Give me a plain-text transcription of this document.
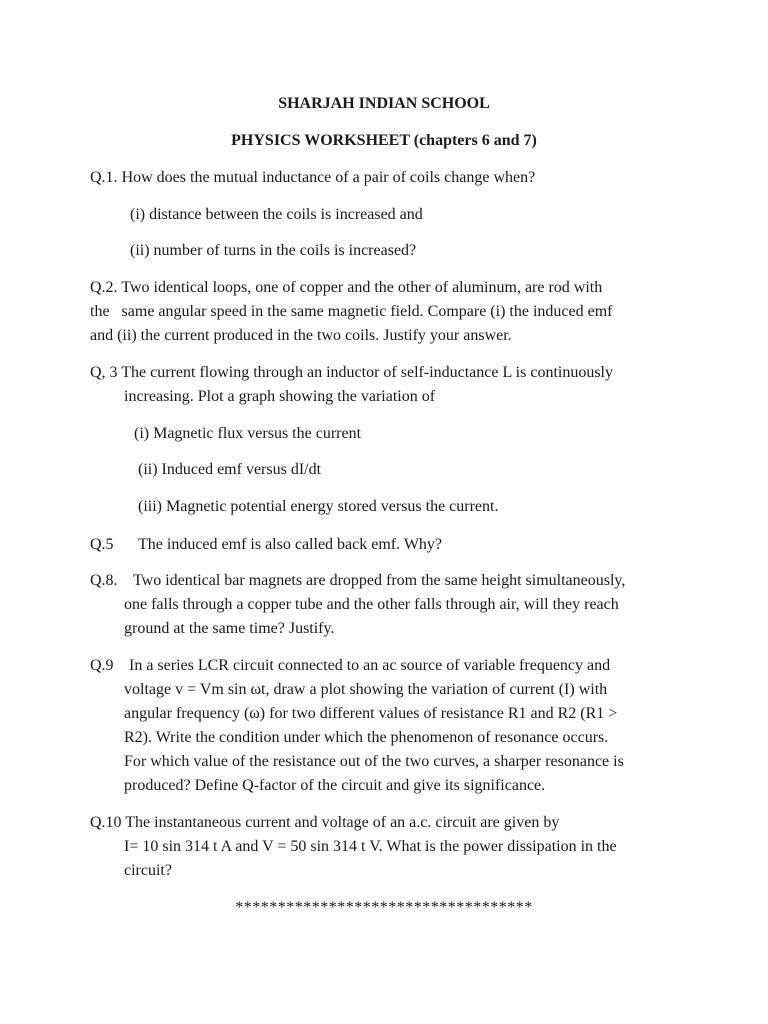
SHARJAH INDIAN SCHOOL
PHYSICS WORKSHEET (chapters 6 and 7)
Q.1. How does the mutual inductance of a pair of coils change when?
(i) distance between the coils is increased and
(ii) number of turns in the coils is increased?
Q.2. Two identical loops, one of copper and the other of aluminum, are rod with
the   same angular speed in the same magnetic field. Compare (i) the induced emf
and (ii) the current produced in the two coils. Justify your answer.
Q, 3 The current flowing through an inductor of self-inductance L is continuously
increasing. Plot a graph showing the variation of
(i) Magnetic flux versus the current
(ii) Induced emf versus dI/dt
(iii) Magnetic potential energy stored versus the current.
Q.5 The induced emf is also called back emf. Why?
Q.8. Two identical bar magnets are dropped from the same height simultaneously,
one falls through a copper tube and the other falls through air, will they reach
ground at the same time? Justify.
Q.9 In a series LCR circuit connected to an ac source of variable frequency and
voltage v = Vm sin ωt, draw a plot showing the variation of current (I) with
angular frequency (ω) for two different values of resistance R1 and R2 (R1 >
R2). Write the condition under which the phenomenon of resonance occurs.
For which value of the resistance out of the two curves, a sharper resonance is
produced? Define Q-factor of the circuit and give its significance.
Q.10 The instantaneous current and voltage of an a.c. circuit are given by
I= 10 sin 314 t A and V = 50 sin 314 t V. What is the power dissipation in the
circuit?
***********************************
